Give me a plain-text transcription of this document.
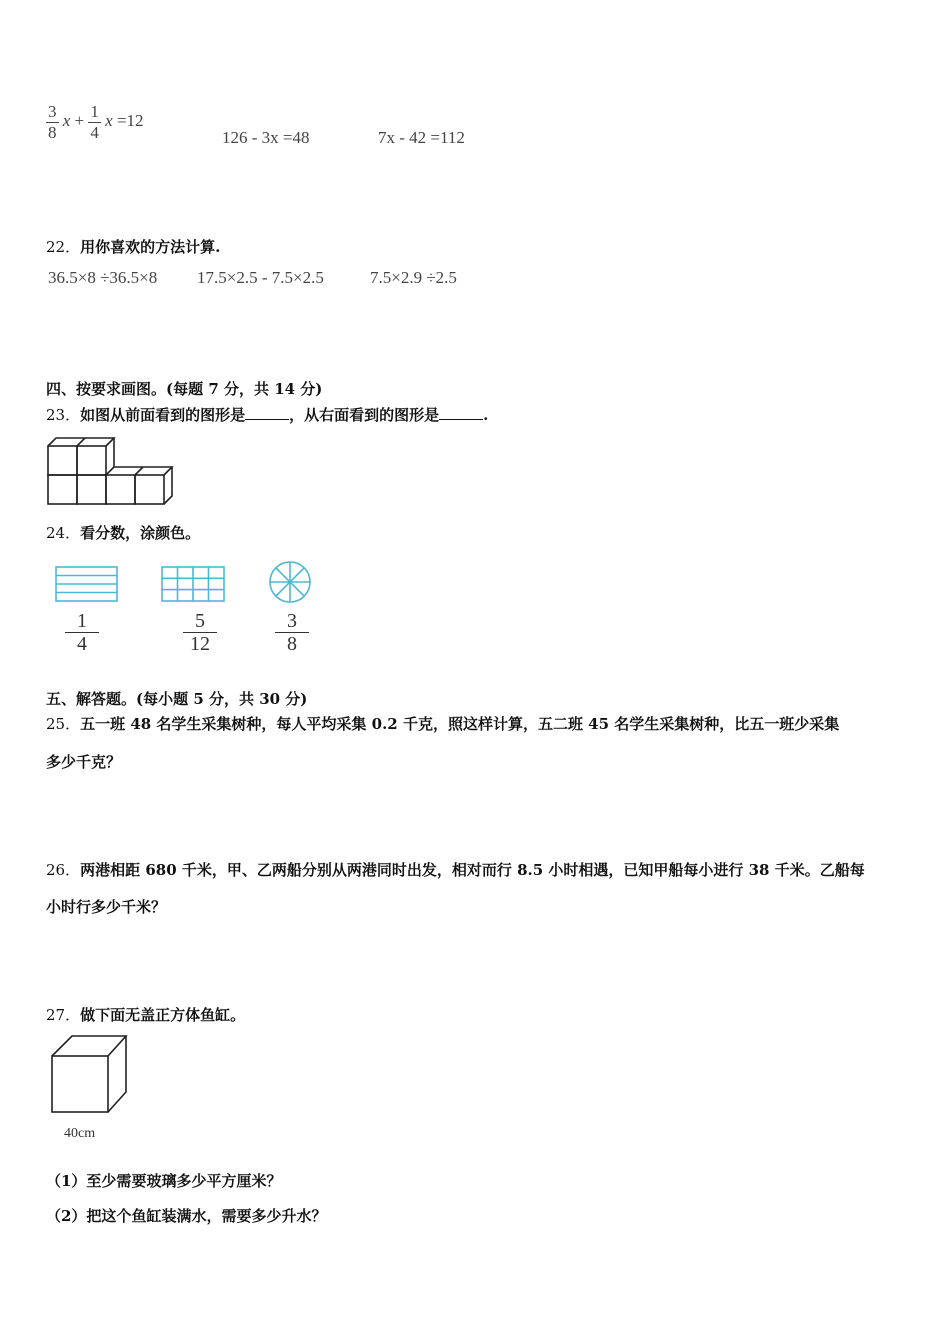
$\frac{3}{8}$ $x + \frac{1}{4}$ x =12
126 - 3x =48	7x - 42 =112
22．用你喜欢的方法计算.
36.5×8 ÷36.5×8 17.5×2.5 - 7.5×2.5	7.5×2.9 ÷2.5
四、按要求画图。(每题 7 分，共 14 分)
23．如图从前面看到的图形是	，从右面看到的图形是	.
24．看分数，涂颜色。
$\frac{1}{4}$	$\frac{5}{12}$	$\frac{3}{8}$
五、解答题。(每小题 5 分，共 30 分)
25．五一班 48 名学生采集树种，每人平均采集 0.2 千克，照这样计算，五二班 45 名学生采集树种，比五一班少采集
多少千克？
26．两港相距 680 千米，甲、乙两船分别从两港同时出发，相对而行 8.5 小时相遇，已知甲船每小进行 38 千米。乙船每
小时行多少千米？
27．做下面无盖正方体鱼缸。
40cm
（1）至少需要玻璃多少平方厘米？
（2）把这个鱼缸装满水，需要多少升水？
